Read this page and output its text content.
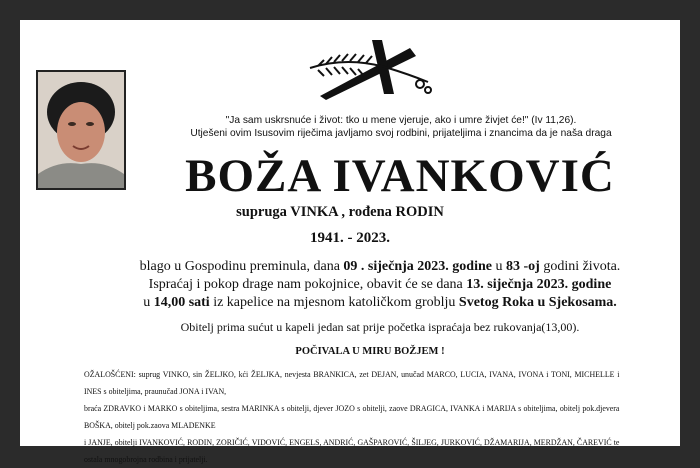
"Ja sam uskrsnuće i život: tko u mene vjeruje, ako i umre živjet će!" (Iv 11,26).
Utješeni ovim Isusovim riječima javljamo svoj rodbini, prijateljima i znancima da je naša draga
BOŽA IVANKOVIĆ
supruga VINKA , rođena RODIN
1941. - 2023.
blago u Gospodinu preminula, dana 09 . siječnja 2023. godine u 83 -oj godini života.
Ispraćaj i pokop drage nam pokojnice, obavit će se dana 13. siječnja 2023. godine
u 14,00 sati iz kapelice na mjesnom katoličkom groblju Svetog Roka u Sjekosama.
Obitelj prima sućut u kapeli jedan sat prije početka ispraćaja bez rukovanja(13,00).
POČIVALA U MIRU BOŽJEM !
OŽALOŠĆENI: suprug VINKO, sin ŽELJKO, kći ŽELJKA, nevjesta BRANKICA, zet DEJAN, unučad MARCO, LUCIA, IVANA, IVONA i TONI, MICHELLE i INES s obiteljima, praunučad JONA i IVAN,
braća ZDRAVKO i MARKO s obiteljima, sestra MARINKA s obitelji, djever JOZO s obitelji, zaove DRAGICA, IVANKA i MARIJA s obiteljima, obitelj pok.djevera BOŠKA, obitelj pok.zaova MLADENKE
i JANJE, obitelji IVANKOVIĆ, RODIN, ZORIČIĆ, VIDOVIĆ, ENGELS, ANDRIĆ, GAŠPAROVIĆ, ŠILJEG, JURKOVIĆ, DŽAMARIJA, MERDŽAN, ČAREVIĆ te ostala mnogobrojna rodbina i prijatelji.
